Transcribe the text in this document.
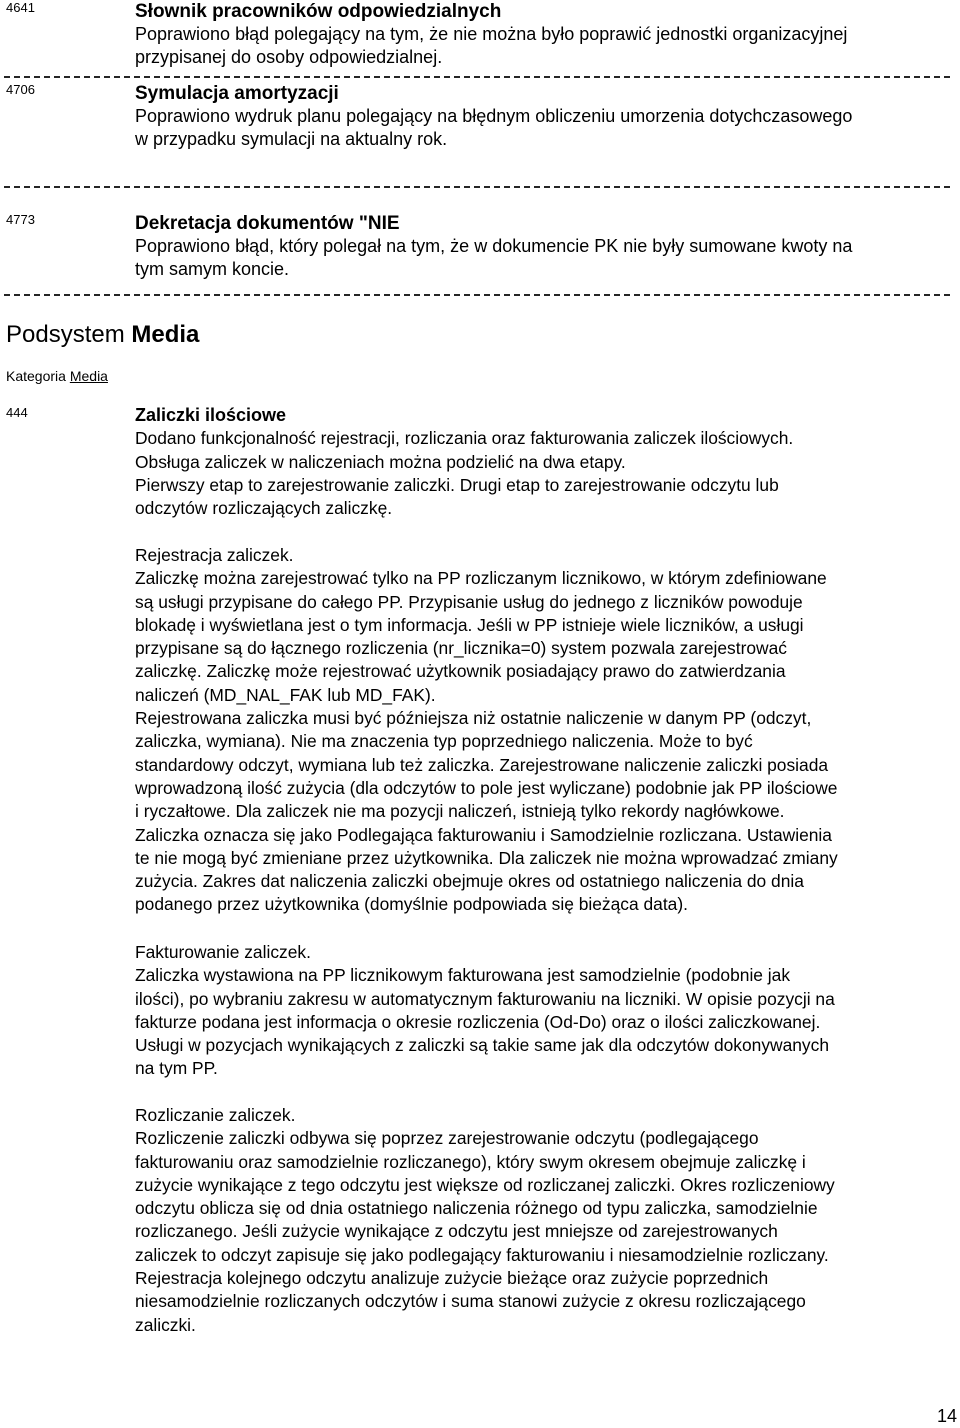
4641	Słownik pracowników odpowiedzialnych
Poprawiono błąd polegający na tym, że nie można było poprawić jednostki organizacyjnej
przypisanej do osoby odpowiedzialnej.
4706	Symulacja amortyzacji
Poprawiono wydruk planu polegający na błędnym obliczeniu umorzenia dotychczasowego
w przypadku symulacji na aktualny rok.
4773	Dekretacja dokumentów "NIE
Poprawiono błąd, który polegał na tym, że w dokumencie PK nie były sumowane kwoty na
tym samym koncie.
Podsystem Media
Kategoria Media
444	Zaliczki ilościowe
Dodano funkcjonalność rejestracji, rozliczania oraz fakturowania zaliczek ilościowych.
Obsługa zaliczek w naliczeniach można podzielić na dwa etapy.
Pierwszy etap to zarejestrowanie zaliczki. Drugi etap to zarejestrowanie odczytu lub
odczytów rozliczających zaliczkę.
Rejestracja zaliczek.
Zaliczkę można zarejestrować tylko na PP rozliczanym licznikowo, w którym zdefiniowane
są usługi przypisane do całego PP. Przypisanie usług do jednego z liczników powoduje
blokadę i wyświetlana jest o tym informacja. Jeśli w PP istnieje wiele liczników, a usługi
przypisane są do łącznego rozliczenia (nr_licznika=0) system pozwala zarejestrować
zaliczkę. Zaliczkę może rejestrować użytkownik posiadający prawo do zatwierdzania
naliczeń (MD_NAL_FAK lub MD_FAK).
Rejestrowana zaliczka musi być późniejsza niż ostatnie naliczenie w danym PP (odczyt,
zaliczka, wymiana). Nie ma znaczenia typ poprzedniego naliczenia. Może to być
standardowy odczyt, wymiana lub też zaliczka. Zarejestrowane naliczenie zaliczki posiada
wprowadzoną ilość zużycia (dla odczytów to pole jest wyliczane) podobnie jak PP ilościowe
i ryczałtowe. Dla zaliczek nie ma pozycji naliczeń, istnieją tylko rekordy nagłówkowe.
Zaliczka oznacza się jako Podlegająca fakturowaniu i Samodzielnie rozliczana. Ustawienia
te nie mogą być zmieniane przez użytkownika. Dla zaliczek nie można wprowadzać zmiany
zużycia. Zakres dat naliczenia zaliczki obejmuje okres od ostatniego naliczenia do dnia
podanego przez użytkownika (domyślnie podpowiada się bieżąca data).
Fakturowanie zaliczek.
Zaliczka wystawiona na PP licznikowym fakturowana jest samodzielnie (podobnie jak
ilości), po wybraniu zakresu w automatycznym fakturowaniu na liczniki. W opisie pozycji na
fakturze podana jest informacja o okresie rozliczenia (Od-Do) oraz o ilości zaliczkowanej.
Usługi w pozycjach wynikających z zaliczki są takie same jak dla odczytów dokonywanych
na tym PP.
Rozliczanie zaliczek.
Rozliczenie zaliczki odbywa się poprzez zarejestrowanie odczytu (podlegającego
fakturowaniu oraz samodzielnie rozliczanego), który swym okresem obejmuje zaliczkę i
zużycie wynikające z tego odczytu jest większe od rozliczanej zaliczki. Okres rozliczeniowy
odczytu oblicza się od dnia ostatniego naliczenia różnego od typu zaliczka, samodzielnie
rozliczanego. Jeśli zużycie wynikające z odczytu jest mniejsze od zarejestrowanych
zaliczek to odczyt zapisuje się jako podlegający fakturowaniu i niesamodzielnie rozliczany.
Rejestracja kolejnego odczytu analizuje zużycie bieżące oraz zużycie poprzednich
niesamodzielnie rozliczanych odczytów i suma stanowi zużycie z okresu rozliczającego
zaliczki.
14
